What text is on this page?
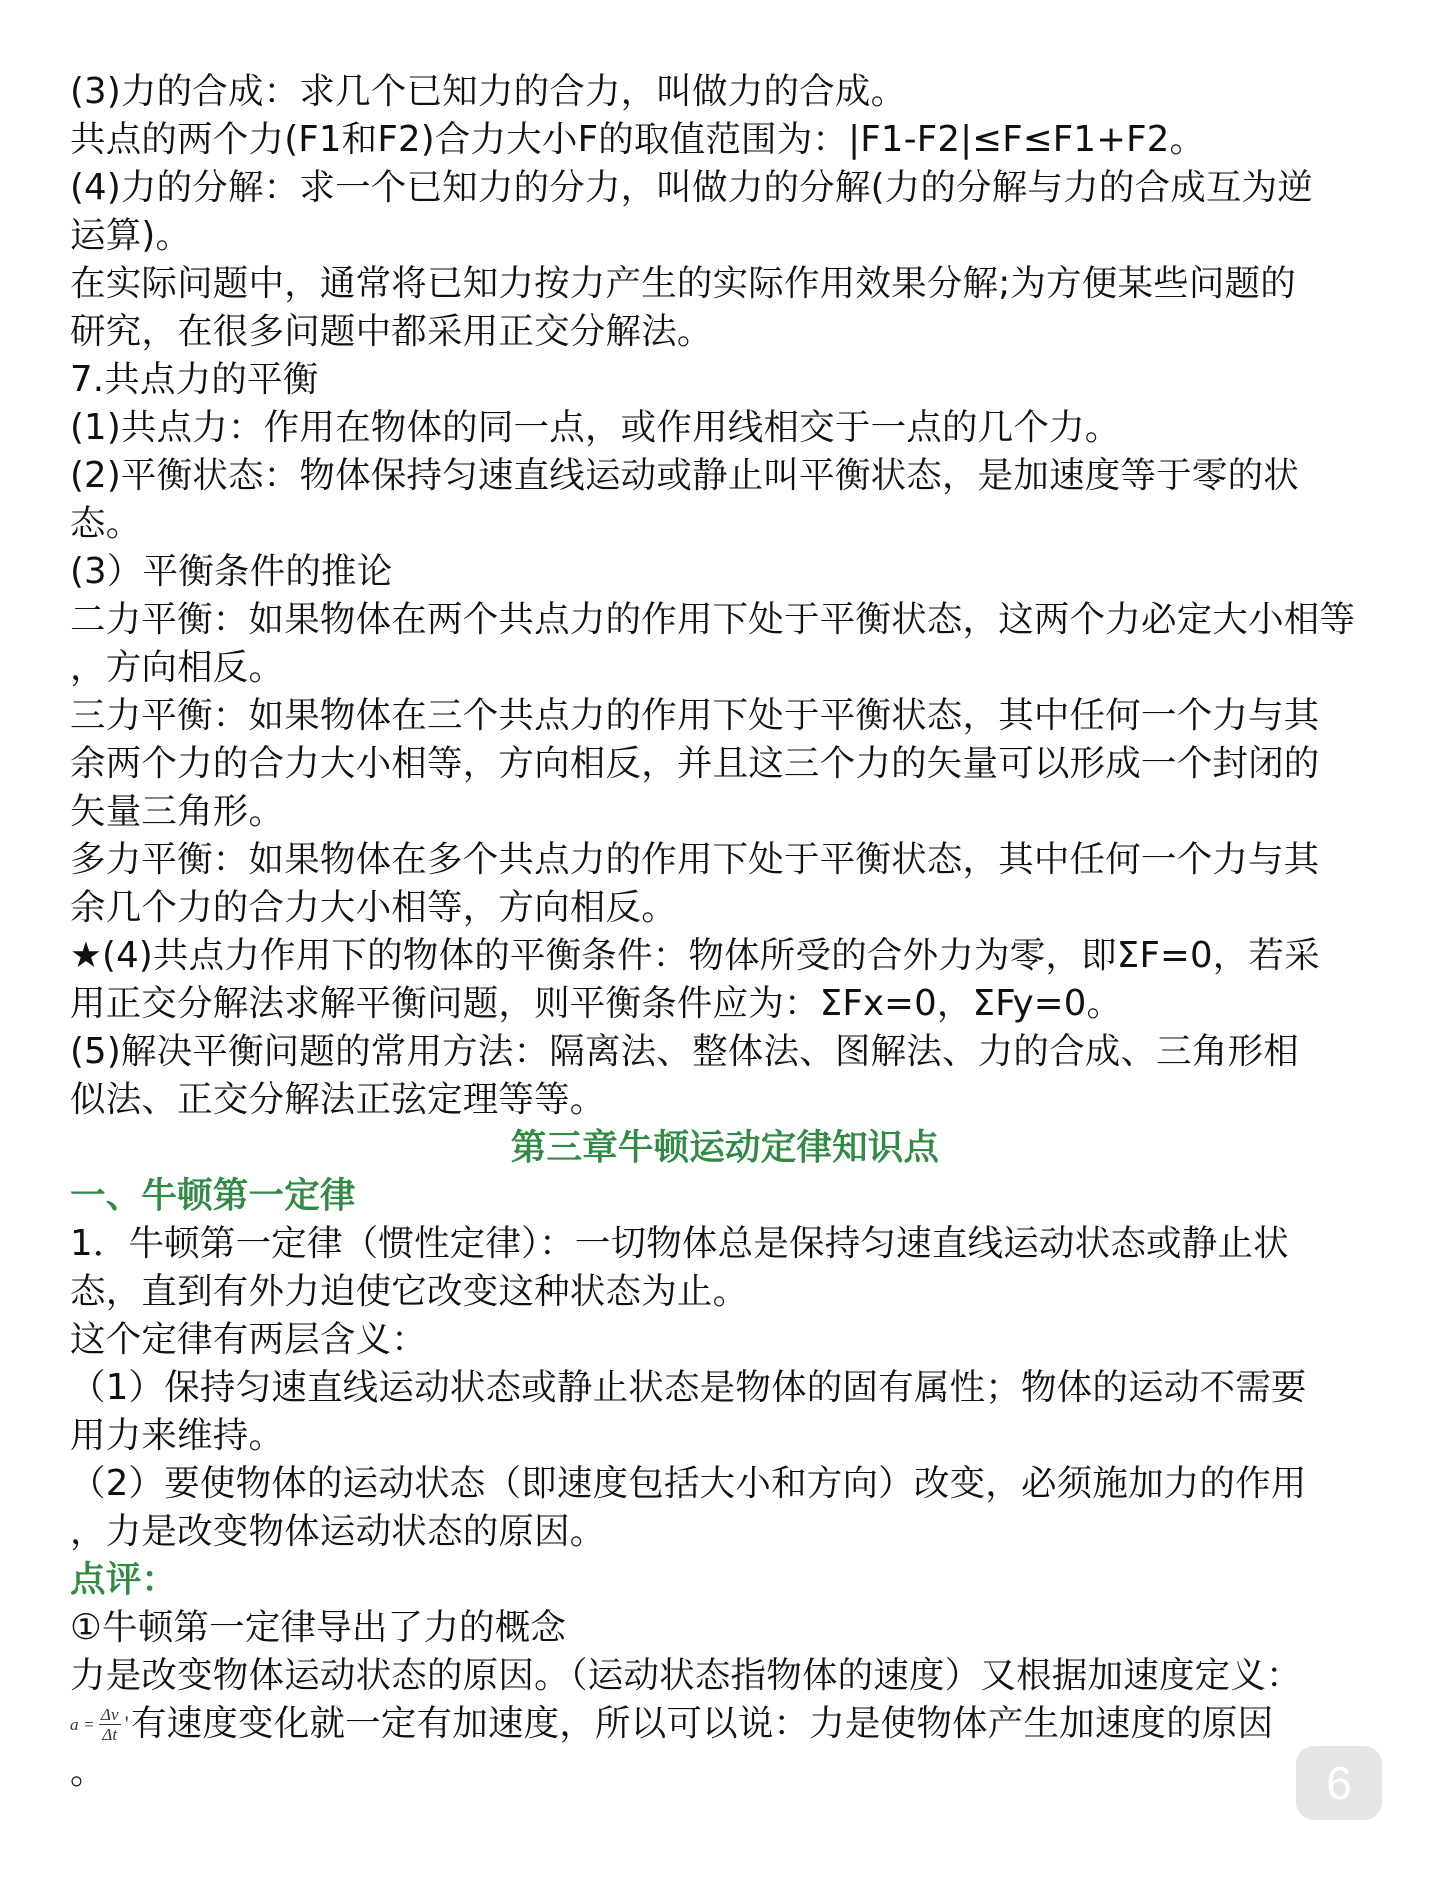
(3)力的合成：求几个已知力的合力，叫做力的合成。
共点的两个力(F1和F2)合力大小F的取值范围为：|F1-F2|≤F≤F1+F2。
(4)力的分解：求一个已知力的分力，叫做力的分解(力的分解与力的合成互为逆
运算)。
在实际问题中，通常将已知力按力产生的实际作用效果分解;为方便某些问题的
研究，在很多问题中都采用正交分解法。
7.共点力的平衡
(1)共点力：作用在物体的同一点，或作用线相交于一点的几个力。
(2)平衡状态：物体保持匀速直线运动或静止叫平衡状态，是加速度等于零的状
态。
(3）平衡条件的推论
二力平衡：如果物体在两个共点力的作用下处于平衡状态，这两个力必定大小相等
，方向相反。
三力平衡：如果物体在三个共点力的作用下处于平衡状态，其中任何一个力与其
余两个力的合力大小相等，方向相反，并且这三个力的矢量可以形成一个封闭的
矢量三角形。
多力平衡：如果物体在多个共点力的作用下处于平衡状态，其中任何一个力与其
余几个力的合力大小相等，方向相反。
★(4)共点力作用下的物体的平衡条件：物体所受的合外力为零，即ΣF=0，若采
用正交分解法求解平衡问题，则平衡条件应为：ΣFx=0，ΣFy=0。
(5)解决平衡问题的常用方法：隔离法、整体法、图解法、力的合成、三角形相
似法、正交分解法正弦定理等等。
第三章牛顿运动定律知识点
一、牛顿第一定律
1．牛顿第一定律（惯性定律）：一切物体总是保持匀速直线运动状态或静止状
态，直到有外力迫使它改变这种状态为止。
这个定律有两层含义：
（1）保持匀速直线运动状态或静止状态是物体的固有属性；物体的运动不需要
用力来维持。
（2）要使物体的运动状态（即速度包括大小和方向）改变，必须施加力的作用
，力是改变物体运动状态的原因。
点评：
①牛顿第一定律导出了力的概念
力是改变物体运动状态的原因。（运动状态指物体的速度）又根据加速度定义：
$a = \frac{\Delta v}{\Delta t}$ ' 有速度变化就一定有加速度，所以可以说：力是使物体产生加速度的原因
。	6
